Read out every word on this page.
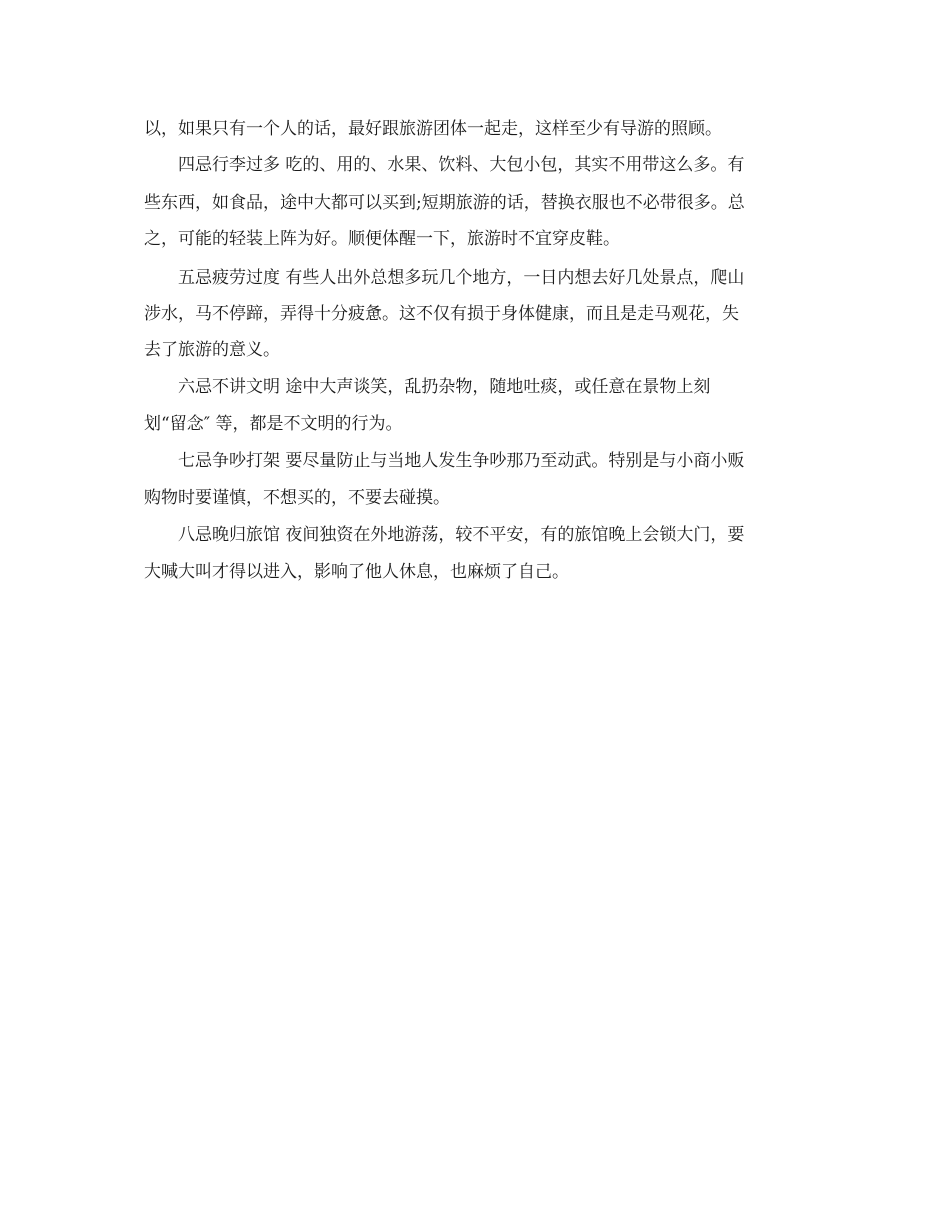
以，如果只有一个人的话，最好跟旅游团体一起走，这样至少有导游的照顾。
四忌行李过多 吃的、用的、水果、饮料、大包小包，其实不用带这么多。有
些东西，如食品，途中大都可以买到;短期旅游的话，替换衣服也不必带很多。总
之，可能的轻装上阵为好。顺便体醒一下，旅游时不宜穿皮鞋。
五忌疲劳过度 有些人出外总想多玩几个地方，一日内想去好几处景点，爬山
涉水，马不停蹄，弄得十分疲惫。这不仅有损于身体健康，而且是走马观花，失
去了旅游的意义。
六忌不讲文明 途中大声谈笑，乱扔杂物，随地吐痰，或任意在景物上刻
划“留念″ 等，都是不文明的行为。
七忌争吵打架 要尽量防止与当地人发生争吵那乃至动武。特别是与小商小贩
购物时要谨慎，不想买的，不要去碰摸。
八忌晚归旅馆 夜间独资在外地游荡，较不平安，有的旅馆晚上会锁大门，要
大喊大叫才得以进入，影响了他人休息，也麻烦了自己。
